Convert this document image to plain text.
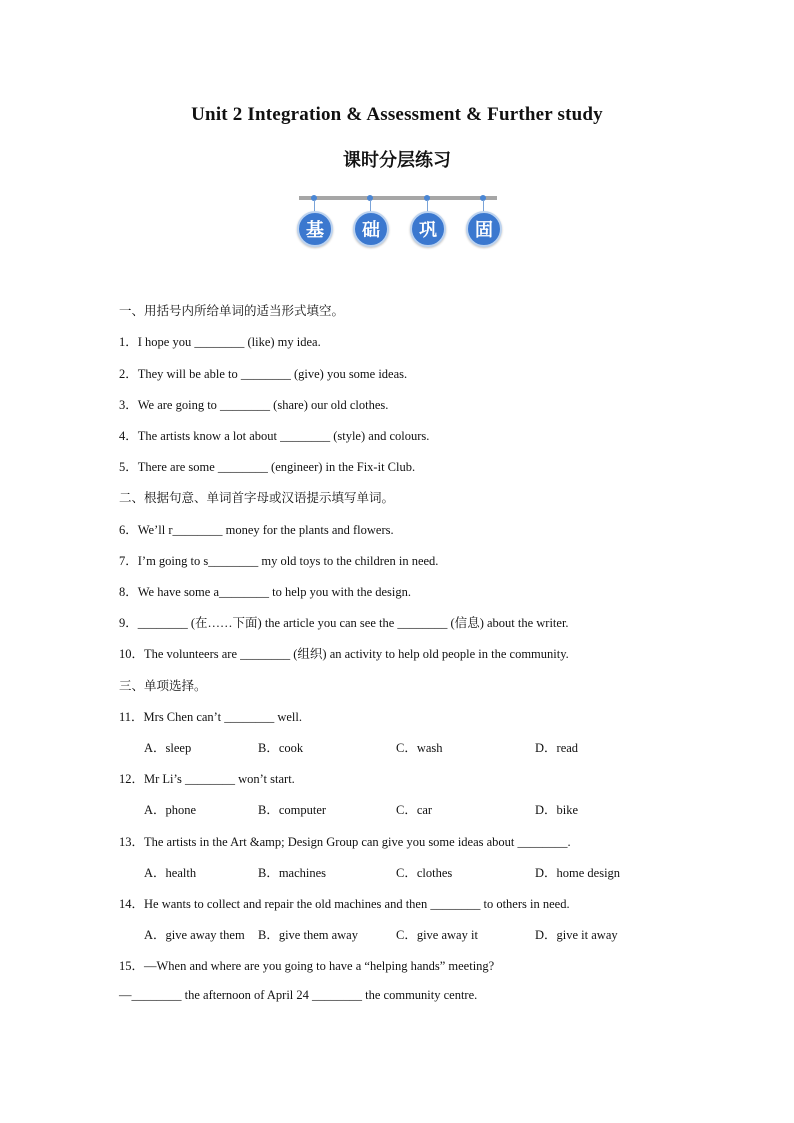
Unit 2 Integration & Assessment & Further study
课时分层练习
基	础	巩	固
一、用括号内所给单词的适当形式填空。
1．I hope you ________ (like) my idea.
2．They will be able to ________ (give) you some ideas.
3．We are going to ________ (share) our old clothes.
4．The artists know a lot about ________ (style) and colours.
5．There are some ________ (engineer) in the Fix-it Club.
二、根据句意、单词首字母或汉语提示填写单词。
6．We’ll r________ money for the plants and flowers.
7．I’m going to s________ my old toys to the children in need.
8．We have some a________ to help you with the design.
9．________ (在……下面) the article you can see the ________ (信息) about the writer.
10．The volunteers are ________ (组织) an activity to help old people in the community.
三、单项选择。
11．Mrs Chen can’t ________ well.
A．sleep	B．cook	C．wash	D．read
12．Mr Li’s ________ won’t start.
A．phone	B．computer	C．car	D．bike
13．The artists in the Art &amp; Design Group can give you some ideas about ________.
A．health	B．machines	C．clothes	D．home design
14．He wants to collect and repair the old machines and then ________ to others in need.
A．give away them B．give them away	C．give away it	D．give it away
15．—When and where are you going to have a “helping hands” meeting?
—________ the afternoon of April 24 ________ the community centre.
